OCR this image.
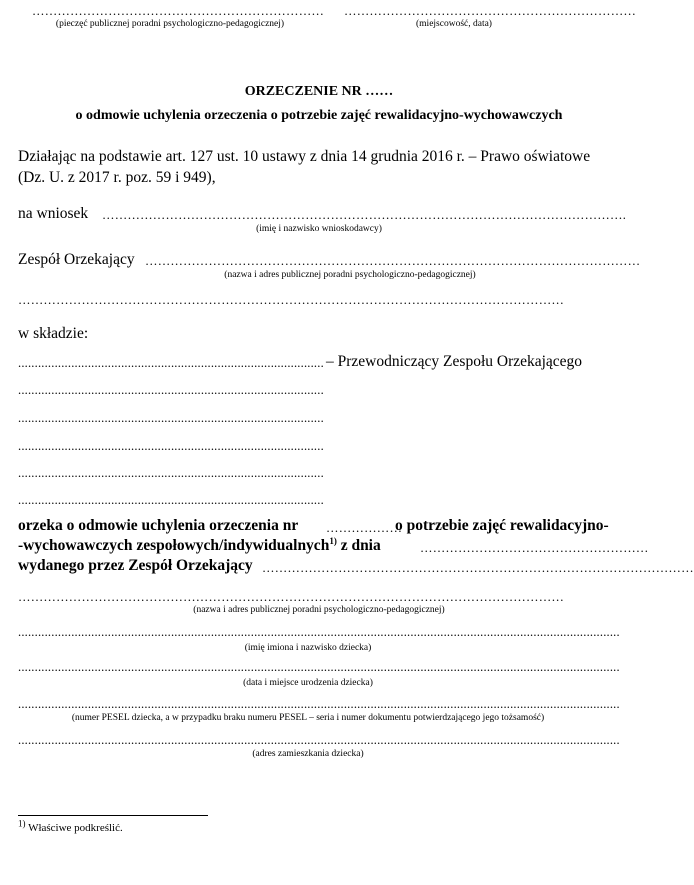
……………………………………………………………
(pieczęć publicznej poradni psychologiczno-pedagogicznej)
……………………………………………………………
(miejscowość, data)
ORZECZENIE NR ……
o odmowie uchylenia orzeczenia o potrzebie zajęć rewalidacyjno-wychowawczych
Działając na podstawie art. 127 ust. 10 ustawy z dnia 14 grudnia 2016 r. – Prawo oświatowe
(Dz. U. z 2017 r. poz. 59 i 949),
na wniosek …………………………………………………………………………………………………………….
(imię i nazwisko wnioskodawcy)
Zespół Orzekający ………………………………………………………………………………………………………
(nazwa i adres publicznej poradni psychologiczno-pedagogicznej)
…………………………………………………………………………………………………………………
w składzie:
............................................................................................ – Przewodniczący Zespołu Orzekającego
............................................................................................
............................................................................................
............................................................................................
............................................................................................
............................................................................................
orzeka o odmowie uchylenia orzeczenia nr ………………
o potrzebie zajęć rewalidacyjno-
-wychowawczych zespołowych/indywidualnych$^{1)}$ z dnia	………………………………………………
wydanego przez Zespół Orzekający …………………………………………………………………………………………
…………………………………………………………………………………………………………………
(nazwa i adres publicznej poradni psychologiczno-pedagogicznej)
.....................................................................................................................................................................................
(imię imiona i nazwisko dziecka)
.....................................................................................................................................................................................
(data i miejsce urodzenia dziecka)
.....................................................................................................................................................................................
(numer PESEL dziecka, a w przypadku braku numeru PESEL – seria i numer dokumentu potwierdzającego jego tożsamość)
.....................................................................................................................................................................................
(adres zamieszkania dziecka)
$^{1)}$ Właściwe podkreślić.
